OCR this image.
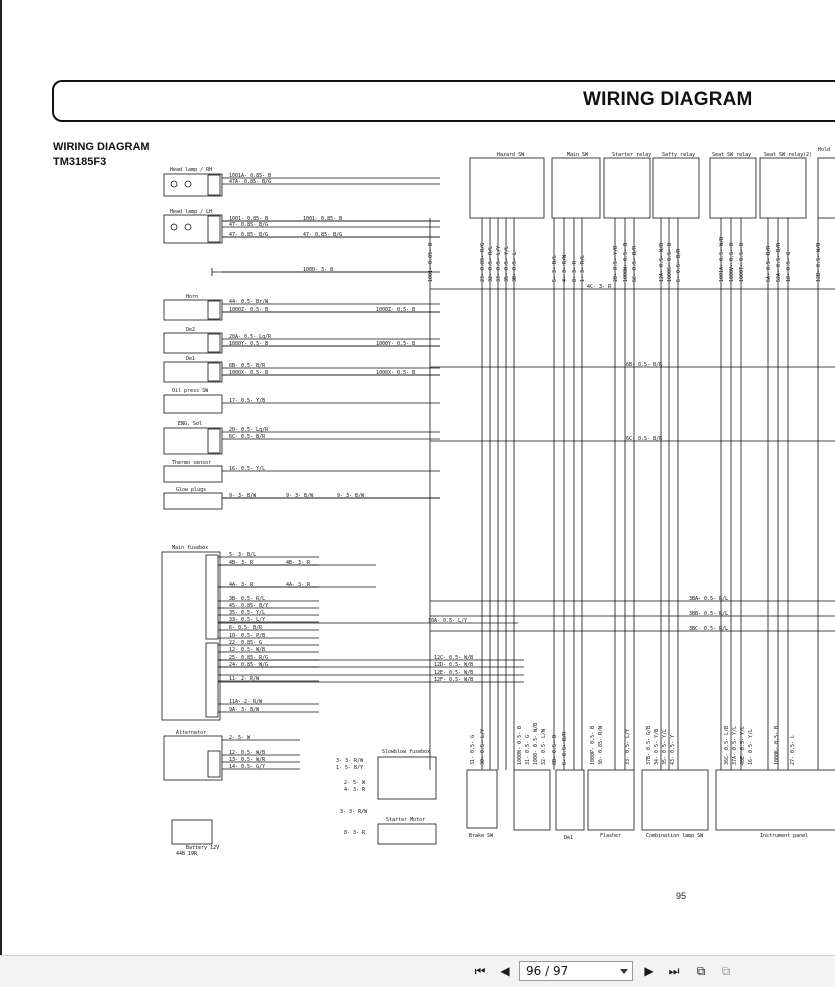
WIRING DIAGRAM
WIRING DIAGRAM
TM3185F3
95
Head lamp / RH
Head lamp / LH
Horn
De2
De1
Oil press SW
ENG. Sol
Thermo sensor
Glow plugs
Main fusebox
Alternator
Battery 12V
44B 19R
Slowblow fusebox
Starter Motor
Hazard SW	Main SW	Starter relay Safty relay	Seat SW relay	Seat SW relay(2)
Hold
Brake SW	De1	Flasher	Combination lamp SW	Instrument panel
1001A- 0.85- B
47A- 0.85- B/G
1001- 0.85- B
47- 0.85- B/G
1001- 0.85- B
47- 0.85- B/G	47- 0.85- B/G
1000- 3- B
44- 0.5- Br/W
1000Z- 0.5- B	1000Z- 0.5- B
20A- 0.5- Lg/R
1000Y- 0.5- B	1000Y- 0.5- B
6B- 0.5- B/R
1000X- 0.5- B	1000X- 0.5- B
17- 0.5- Y/B
20- 0.5- Lg/R
6C- 0.5- B/R
16- 0.5- Y/L
9- 3- B/W	9- 3- B/W	9- 3- B/W
5- 3- B/L
4B- 3- R	4B- 3- R
4A- 3- R	4A- 3- R
3B- 0.5- R/L
45- 0.85- B/Y
35- 0.5- Y/L
33- 0.5- L/Y
6- 0.5- B/R
10- 0.5- P/B
22- 0.85- G
12- 0.5- W/B
25- 0.85- R/G
24- 0.85- W/G
11- 2- R/W
11A- 2- R/W
9A- 3- B/W
30A- 0.5- L/Y
12C- 0.5- W/B
12D- 0.5- W/B
12E- 0.5- W/B
12F- 0.5- W/B
2- 5- W
12- 0.5- W/B
13- 0.5- W/R
14- 0.5- G/Y
3- 3- R/W
1- 5- B/Y
2- 5- W
4- 3- R
3- 3- R/W
8- 3- R
4C- 3- R
6B- 0.5- B/R
6C- 0.5- B/R
3BA- 0.5- R/L
3BB- 0.5- R/L
3BC- 0.5- R/L
23- 0.85- R/G 32- 0.5- R/L 33- 0.5- L/Y 35- 0.5- Y/L 3B- 0.5- L	5- 3- B/L 4- 3- R/W 8- 3- R 1- 3- R/L	28- 0.5- Y/B 1000W- 0.5- B 6C- 0.5- B/R	12A- 0.5- W/B 1000S- 0.5- B 6- 0.5- B/R	1001A- 0.5- W/B 1000V- 0.5- B 1000T- 0.5- B	6A- 0.5- B/R 52A- 0.5- B/R 18- 0.5- G
1001- 0.85- B	12B- 0.5- W/B
31- 0.5- G 30- 0.5- L/Y	1000N- 0.5- B 31- 0.5- G 1000- 0.5- W/B 32- 0.5- L/W 8B- 0.5- B 6- 0.5- B/R	1000P- 0.5- B 36- 0.85- R/W	33- 0.5- L/Y	37B- 0.5- G/B 34- 0.5- Y/B 35- 0.5- Y/L 43- 0.5- Y	36C- 0.5- L/B 37A- 0.5- Y/L 40E- 0.5- Y/L 16- 0.5- Y/L	1000K- 0.5- B 27- 0.5- L
⏮ ◀ 96 / 97	▶ ⏭ ⧉ ⧉
